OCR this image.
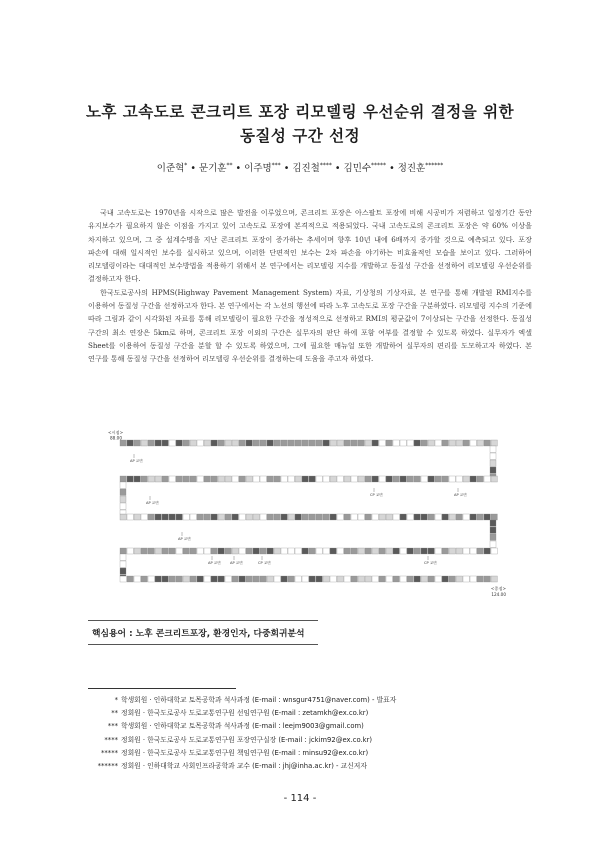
노후 고속도로 콘크리트 포장 리모델링 우선순위 결정을 위한
동질성 구간 선정
이준혁* • 문기훈** • 이주명*** • 김진철**** • 김민수***** • 정진훈******

국내 고속도로는 1970년을 시작으로 많은 발전을 이루었으며, 콘크리트 포장은 아스팔트 포장에 비해 시공비가 저렴하고 일정기간 동안 유지보수가 필요하지 않은 이점을 가지고 있어 고속도로 포장에 본격적으로 적용되었다. 국내 고속도로의 콘크리트 포장은 약 60% 이상을 차지하고 있으며, 그 중 설계수명을 지난 콘크리트 포장이 증가하는 추세이며 향후 10년 내에 6배까지 증가할 것으로 예측되고 있다. 포장 파손에 대해 일시적인 보수를 실시하고 있으며, 이러한 단편적인 보수는 2차 파손을 야기하는 비효율적인 모습을 보이고 있다. 그러하여 리모델링이라는 대대적인 보수방법을 적용하기 위해서 본 연구에서는 리모델링 지수를 개발하고 동질성 구간을 선정하여 리모델링 우선순위를 결정하고자 한다.

한국도로공사의 HPMS(Highway Pavement Management System) 자료, 기상청의 기상자료, 본 연구를 통해 개발된 RMI지수를 이용하여 동질성 구간을 선정하고자 한다. 본 연구에서는 각 노선의 행선에 따라 노후 고속도로 포장 구간을 구분하였다. 리모델링 지수의 기준에 따라 그림과 같이 시각화된 자료를 통해 리모델링이 필요한 구간을 정성적으로 선정하고 RMI의 평균값이 7이상되는 구간을 선정한다. 동질성 구간의 최소 연장은 5km로 하며, 콘크리트 포장 이외의 구간은 실무자의 판단 하에 포함 여부를 결정할 수 있도록 하였다. 실무자가 엑셀 Sheet를 이용하여 동질성 구간을 분할 할 수 있도록 하였으며, 그에 필요한 매뉴얼 또한 개발하여 실무자의 편리를 도모하고자 하였다. 본 연구를 통해 동질성 구간을 선정하여 리모델링 우선순위를 결정하는데 도움을 주고자 하였다.

<시점>
88.00
<종점>
124.00
AP 교면
CP 교면
AP 교면
AP 교면
AP 교면
AP 교면	AP 교면	CP 교면	CP 교면
핵심용어 : 노후 콘크리트포장, 환경인자, 다중회귀분석
* 학생회원 · 인하대학교 토목공학과 석사과정 (E-mail : wnsgur4751@naver.com) - 발표자
** 정회원 · 한국도로공사 도로교통연구원 선임연구원 (E-mail : zetamkh@ex.co.kr)
*** 학생회원 · 인하대학교 토목공학과 석사과정 (E-mail : leejm9003@gmail.com)
**** 정회원 · 한국도로공사 도로교통연구원 포장연구실장 (E-mail : jckim92@ex.co.kr)
***** 정회원 · 한국도로공사 도로교통연구원 책임연구원 (E-mail : minsu92@ex.co.kr)
****** 정회원 · 인하대학교 사회인프라공학과 교수 (E-mail : jhj@inha.ac.kr) - 교신저자
- 114 -
